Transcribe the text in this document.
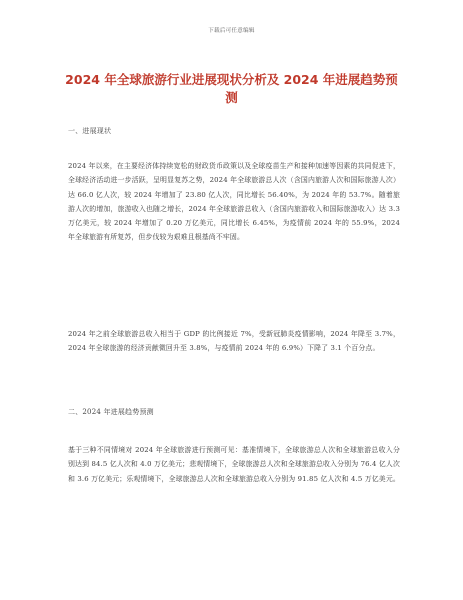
下载后可任意编辑
2024 年全球旅游行业进展现状分析及 2024 年进展趋势预测
一、进展现状
2024 年以来，在主要经济体持续宽松的财政货币政策以及全球疫苗生产和接种加速等因素的共同促进下，全球经济活动进一步活跃，呈明显复苏之势，2024 年全球旅游总人次（含国内旅游人次和国际旅游人次）达 66.0 亿人次，较 2024 年增加了 23.80 亿人次，同比增长 56.40%，为 2024 年的 53.7%。随着旅游人次的增加，旅游收入也随之增长，2024 年全球旅游总收入（含国内旅游收入和国际旅游收入）达 3.3 万亿美元，较 2024 年增加了 0.20 万亿美元，同比增长 6.45%，为疫情前 2024 年的 55.9%，2024 年全球旅游有所复苏，但步伐较为艰难且根基尚不牢固。
2024 年之前全球旅游总收入相当于 GDP 的比例接近 7%，受新冠肺炎疫情影响，2024 年降至 3.7%，2024 年全球旅游的经济贡献微回升至 3.8%，与疫情前 2024 年的 6.9%）下降了 3.1 个百分点。
二、2024 年进展趋势预测
基于三种不同情境对 2024 年全球旅游进行预测可见：基准情境下，全球旅游总人次和全球旅游总收入分别达到 84.5 亿人次和 4.0 万亿美元；悲观情境下，全球旅游总人次和全球旅游总收入分别为 76.4 亿人次和 3.6 万亿美元；乐观情境下，全球旅游总人次和全球旅游总收入分别为 91.85 亿人次和 4.5 万亿美元。
